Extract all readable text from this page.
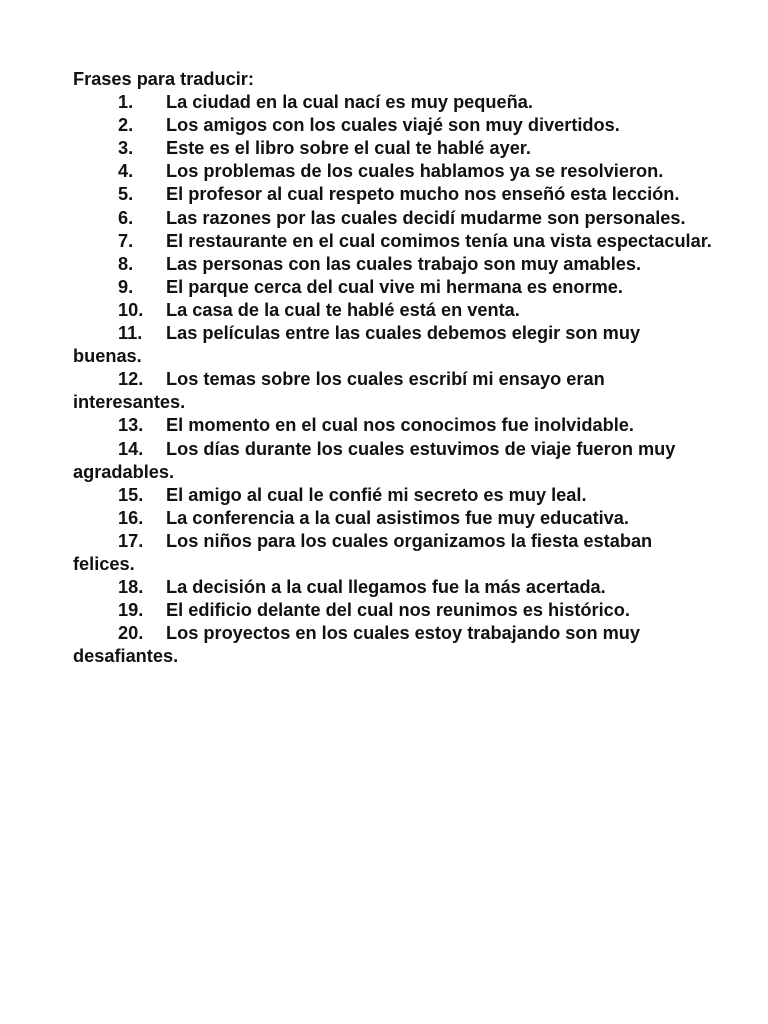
Frases para traducir:

1. La ciudad en la cual nací es muy pequeña.
2. Los amigos con los cuales viajé son muy divertidos.
3. Este es el libro sobre el cual te hablé ayer.
4. Los problemas de los cuales hablamos ya se resolvieron.
5. El profesor al cual respeto mucho nos enseñó esta lección.
6. Las razones por las cuales decidí mudarme son personales.
7. El restaurante en el cual comimos tenía una vista espectacular.
8. Las personas con las cuales trabajo son muy amables.
9. El parque cerca del cual vive mi hermana es enorme.
10. La casa de la cual te hablé está en venta.
11. Las películas entre las cuales debemos elegir son muy buenas.
12. Los temas sobre los cuales escribí mi ensayo eran interesantes.
13. El momento en el cual nos conocimos fue inolvidable.
14. Los días durante los cuales estuvimos de viaje fueron muy agradables.
15. El amigo al cual le confié mi secreto es muy leal.
16. La conferencia a la cual asistimos fue muy educativa.
17. Los niños para los cuales organizamos la fiesta estaban felices.
18. La decisión a la cual llegamos fue la más acertada.
19. El edificio delante del cual nos reunimos es histórico.
20. Los proyectos en los cuales estoy trabajando son muy desafiantes.
